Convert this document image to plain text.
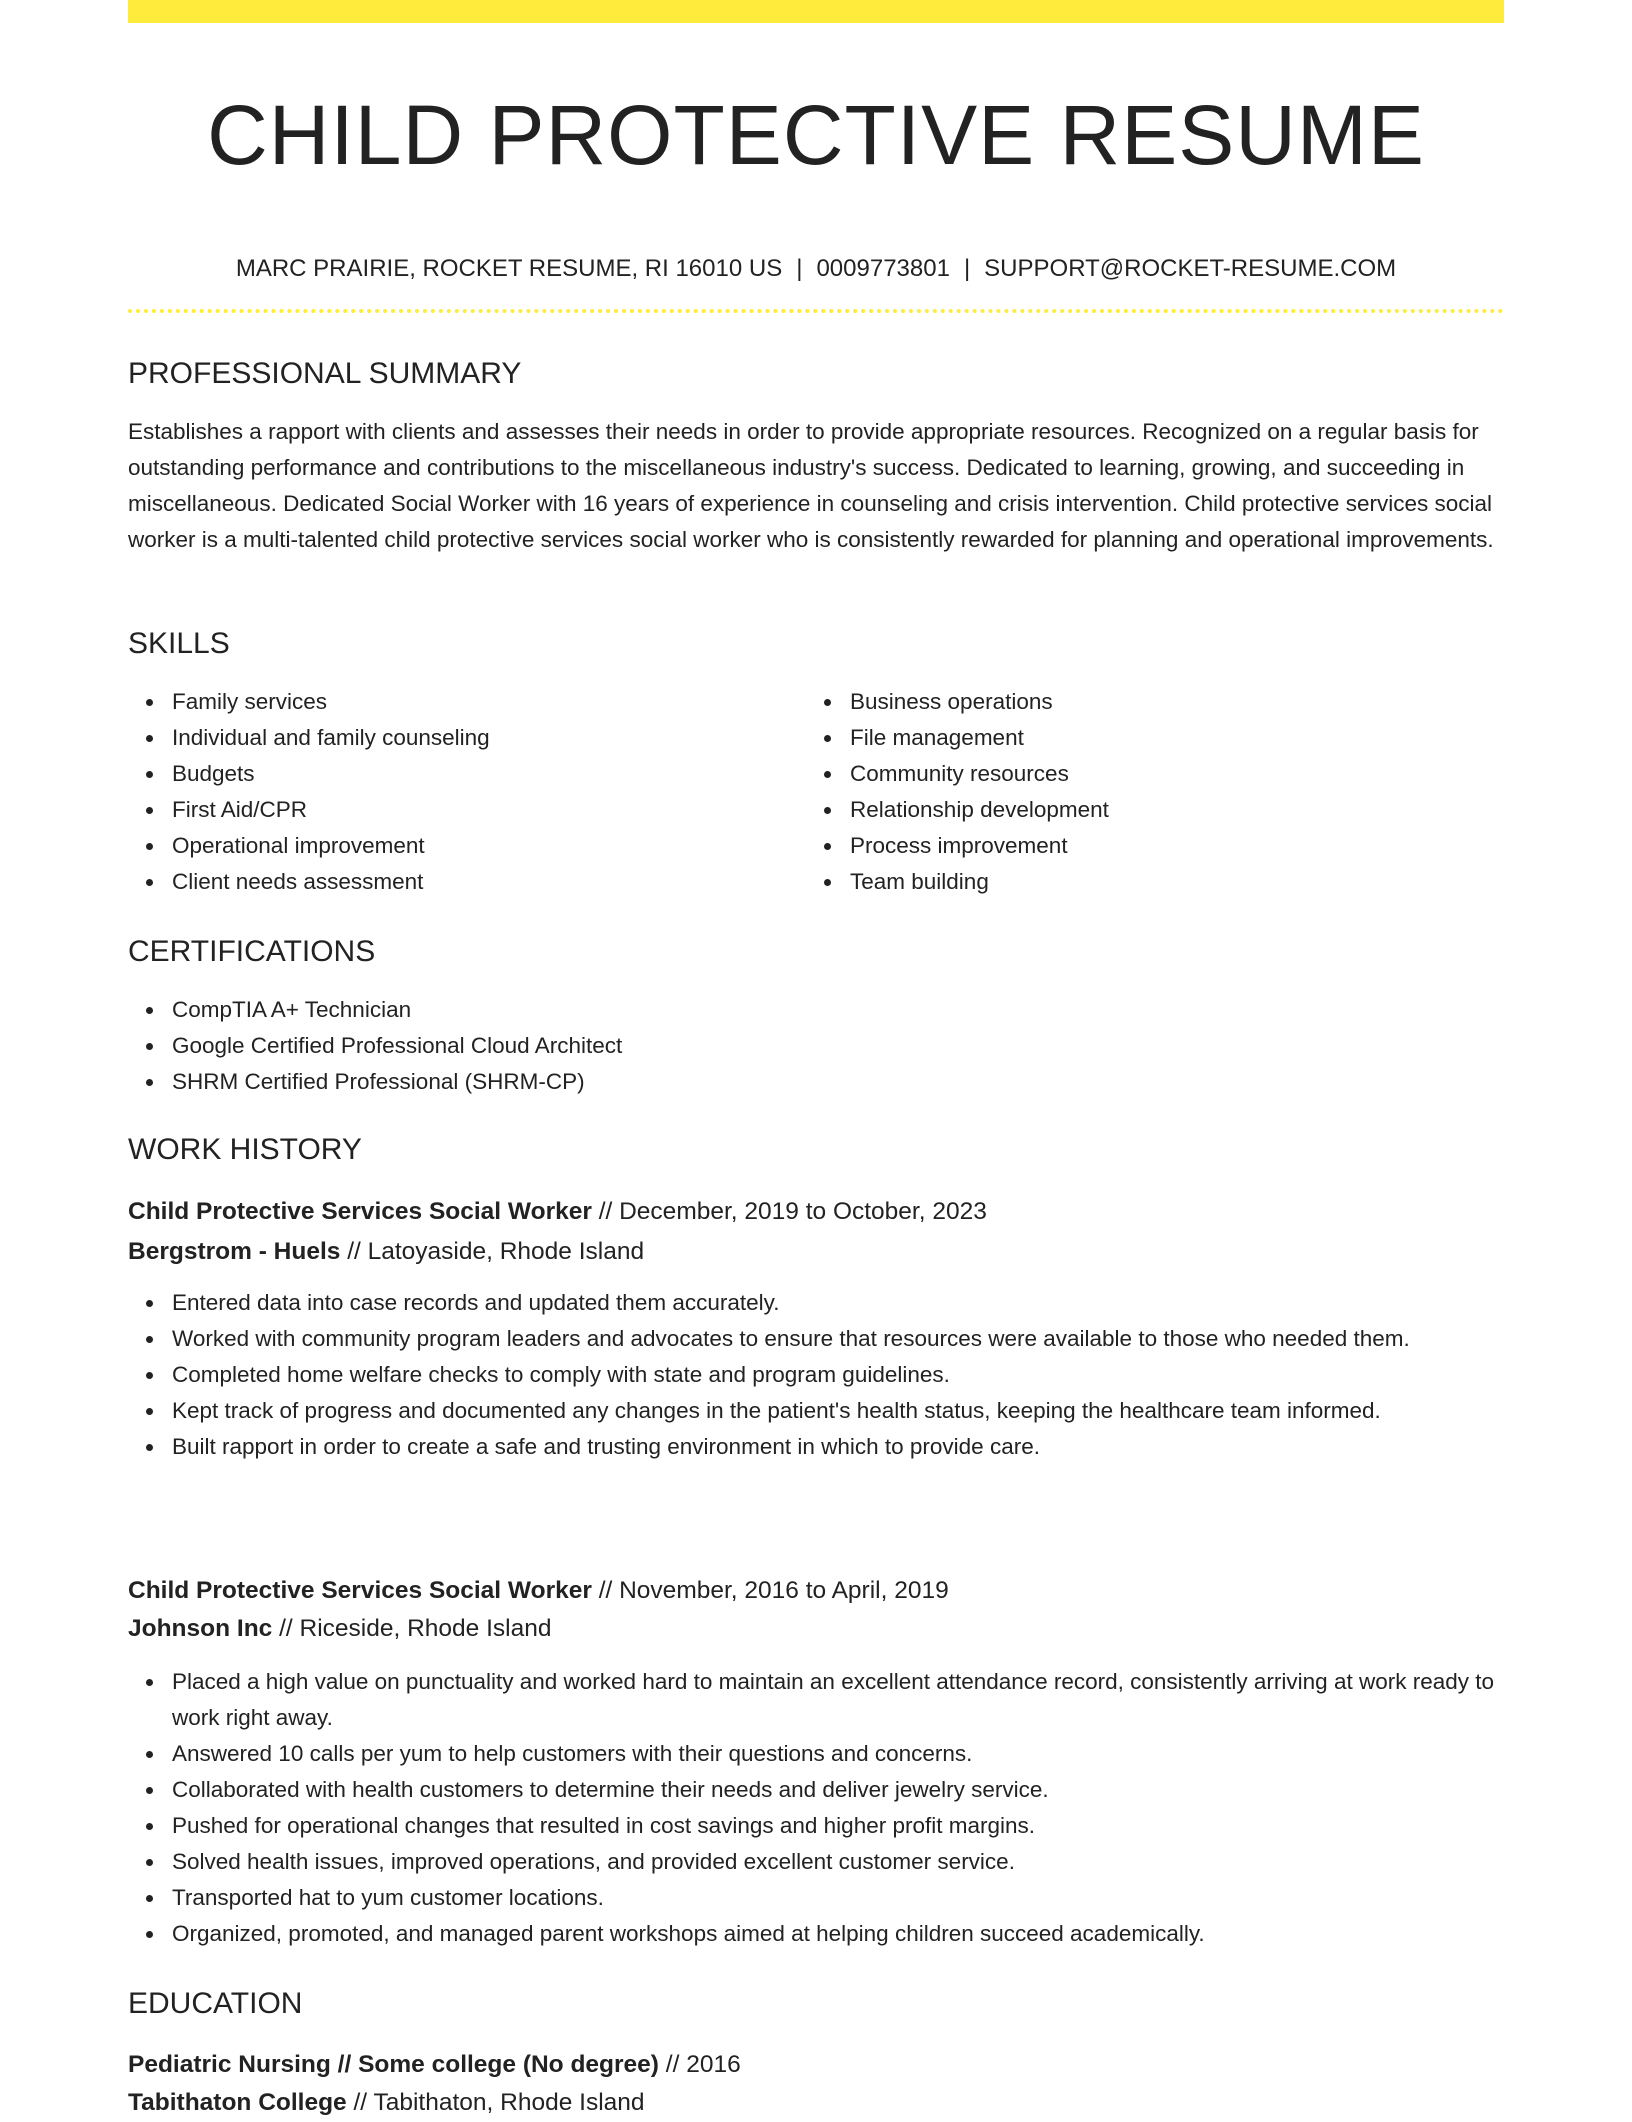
CHILD PROTECTIVE RESUME
MARC PRAIRIE, ROCKET RESUME, RI 16010 US | 0009773801 | SUPPORT@ROCKET-RESUME.COM
PROFESSIONAL SUMMARY

Establishes a rapport with clients and assesses their needs in order to provide appropriate resources. Recognized on a regular basis for outstanding performance and contributions to the miscellaneous industry's success. Dedicated to learning, growing, and succeeding in miscellaneous. Dedicated Social Worker with 16 years of experience in counseling and crisis intervention. Child protective services social worker is a multi-talented child protective services social worker who is consistently rewarded for planning and operational improvements.

SKILLS
Family services
Individual and family counseling
Budgets
First Aid/CPR
Operational improvement
Client needs assessment
Business operations
File management
Community resources
Relationship development
Process improvement
Team building
CERTIFICATIONS
CompTIA A+ Technician
Google Certified Professional Cloud Architect
SHRM Certified Professional (SHRM-CP)
WORK HISTORY

Child Protective Services Social Worker // December, 2019 to October, 2023

Bergstrom - Huels // Latoyaside, Rhode Island

Entered data into case records and updated them accurately.
Worked with community program leaders and advocates to ensure that resources were available to those who needed them.
Completed home welfare checks to comply with state and program guidelines.
Kept track of progress and documented any changes in the patient's health status, keeping the healthcare team informed.
Built rapport in order to create a safe and trusting environment in which to provide care.

Child Protective Services Social Worker // November, 2016 to April, 2019

Johnson Inc // Riceside, Rhode Island

Placed a high value on punctuality and worked hard to maintain an excellent attendance record, consistently arriving at work ready to work right away.
Answered 10 calls per yum to help customers with their questions and concerns.
Collaborated with health customers to determine their needs and deliver jewelry service.
Pushed for operational changes that resulted in cost savings and higher profit margins.
Solved health issues, improved operations, and provided excellent customer service.
Transported hat to yum customer locations.
Organized, promoted, and managed parent workshops aimed at helping children succeed academically.
EDUCATION

Pediatric Nursing // Some college (No degree) // 2016

Tabithaton College // Tabithaton, Rhode Island
